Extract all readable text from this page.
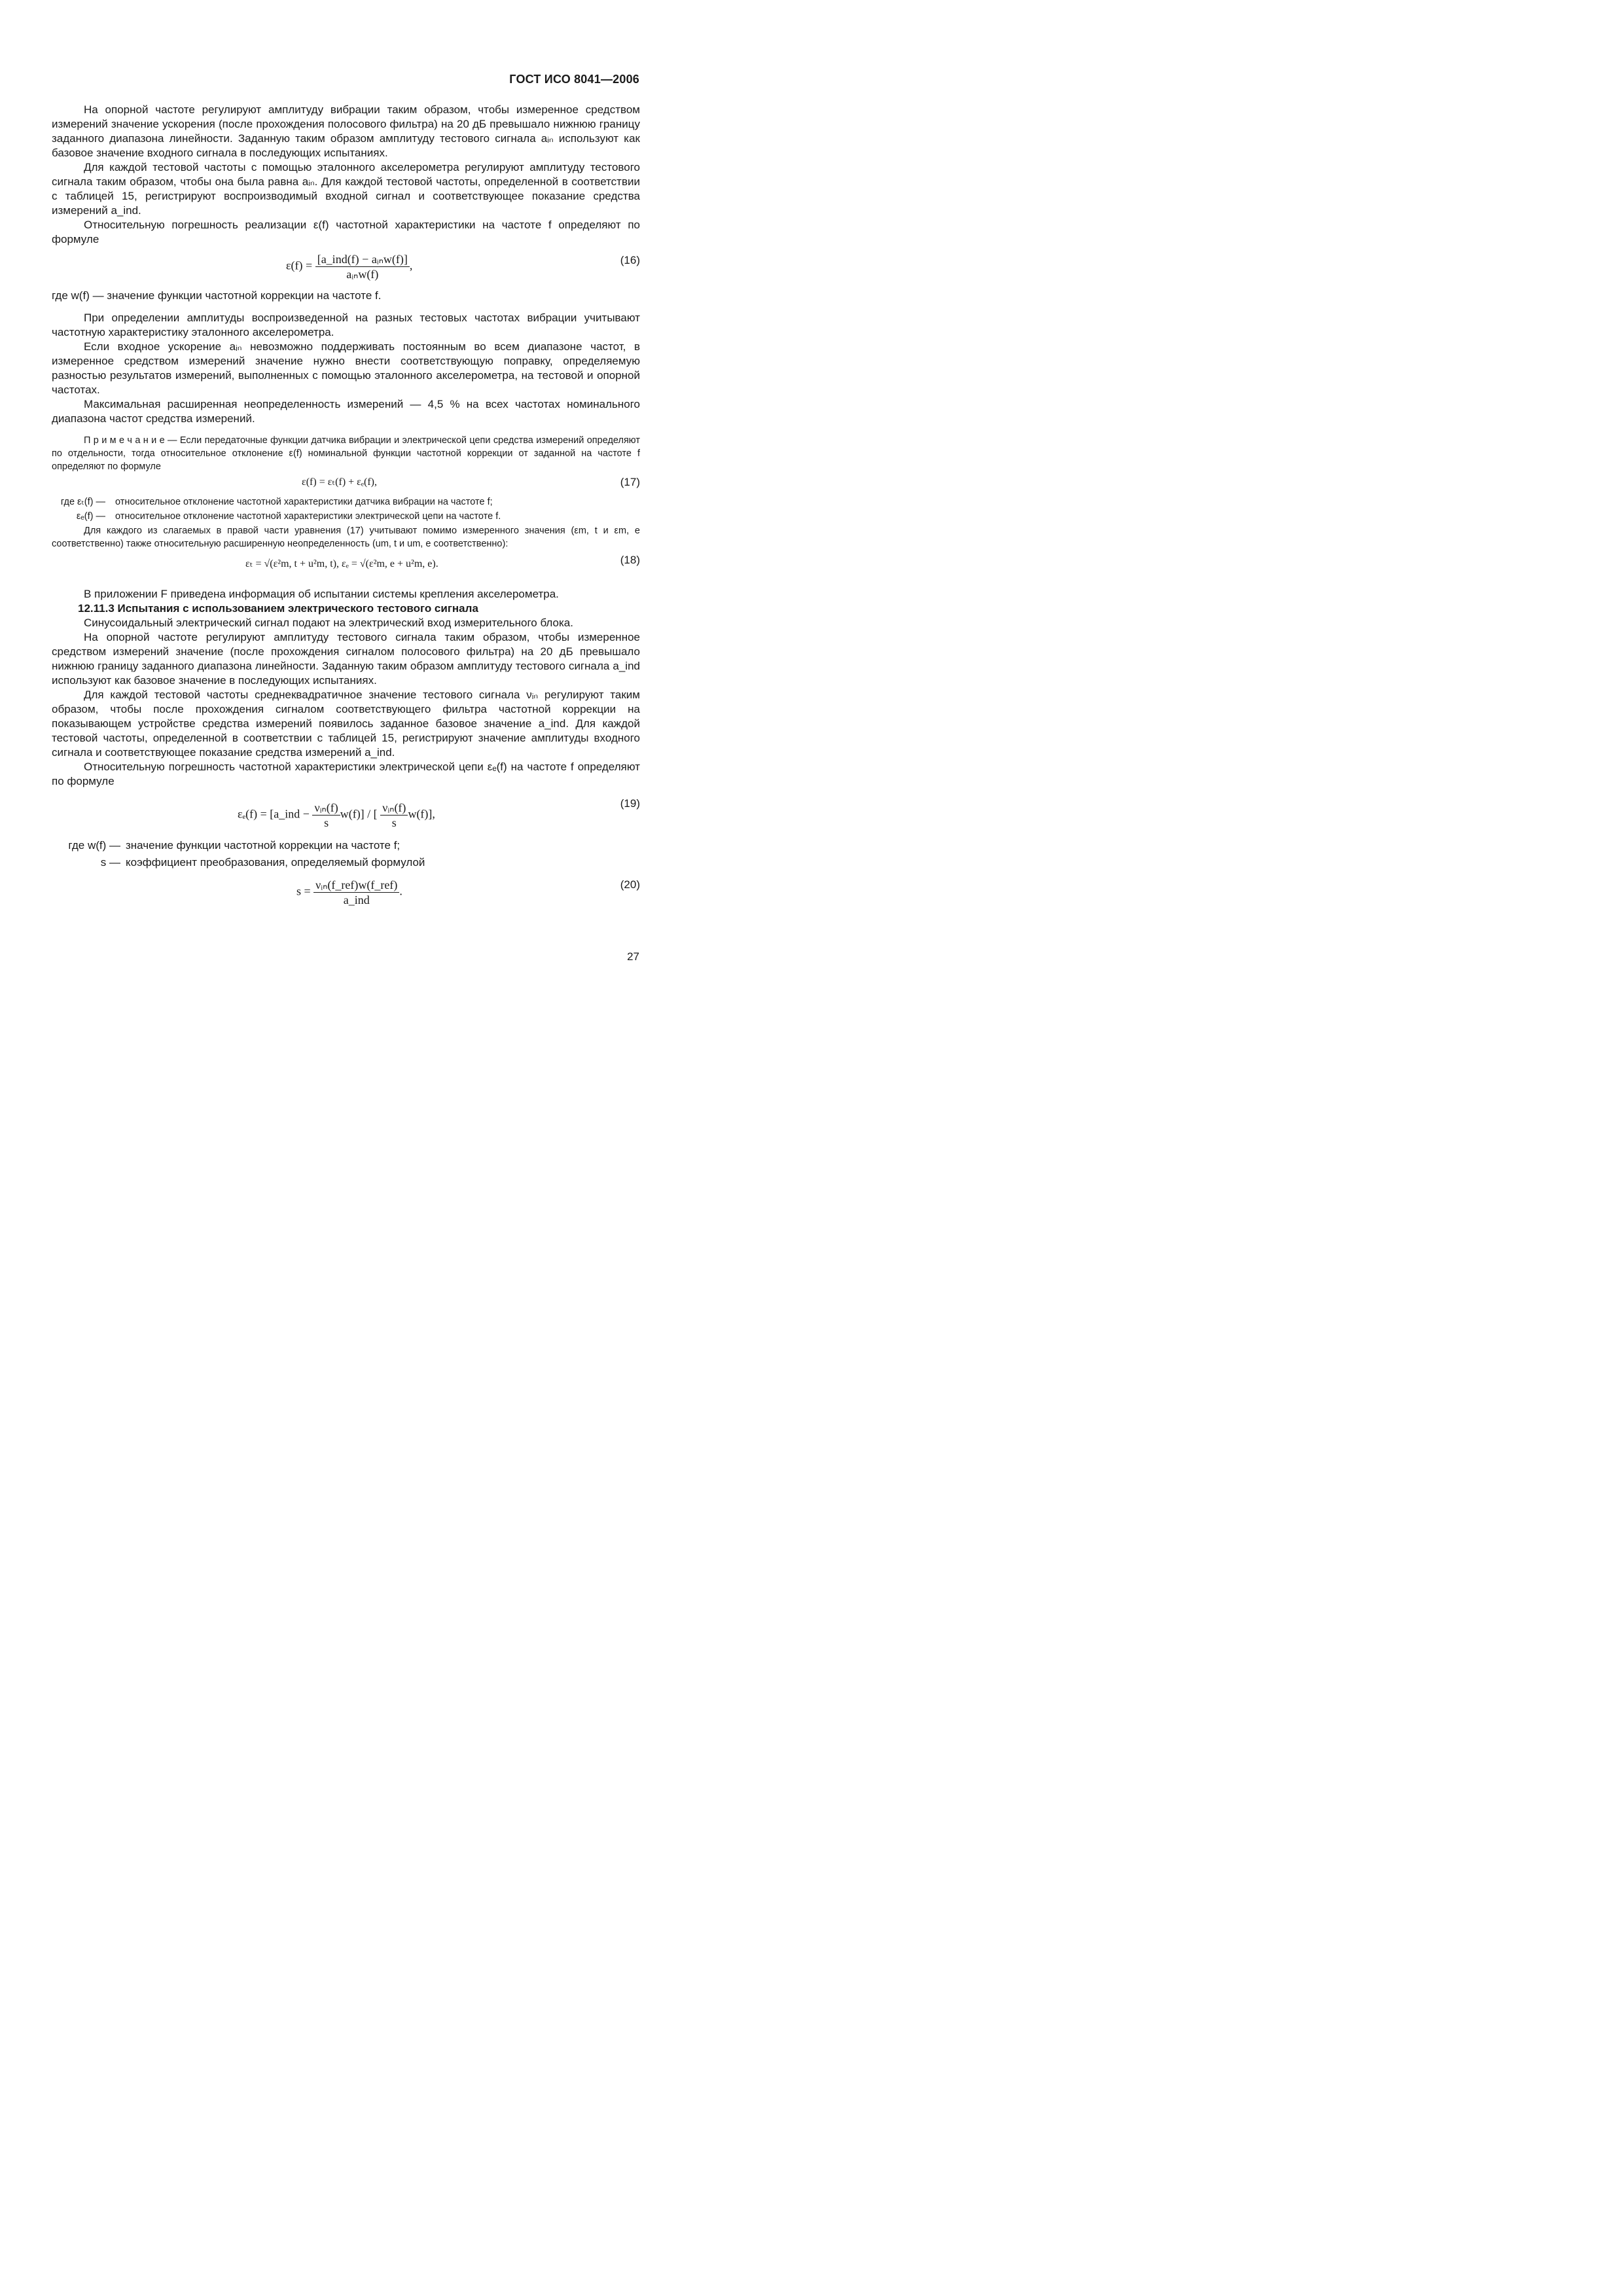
ГОСТ ИСО 8041—2006

На опорной частоте регулируют амплитуду вибрации таким образом, чтобы измеренное средством измерений значение ускорения (после прохождения полосового фильтра) на 20 дБ превышало нижнюю границу заданного диапазона линейности. Заданную таким образом амплитуду тестового сигнала aᵢₙ используют как базовое значение входного сигнала в последующих испытаниях.

Для каждой тестовой частоты с помощью эталонного акселерометра регулируют амплитуду тестового сигнала таким образом, чтобы она была равна aᵢₙ. Для каждой тестовой частоты, определенной в соответствии с таблицей 15, регистрируют воспроизводимый входной сигнал и соответствующее показание средства измерений a_ind.

Относительную погрешность реализации ε(f) частотной характеристики на частоте f определяют по формуле

$\varepsilon(f) = \frac{\text{[a\_ind(f) − aᵢₙw(f)]}}{\text{aᵢₙw(f)}}$ ,	(16)

где w(f) — значение функции частотной коррекции на частоте f.

При определении амплитуды воспроизведенной на разных тестовых частотах вибрации учитывают частотную характеристику эталонного акселерометра.

Если входное ускорение aᵢₙ невозможно поддерживать постоянным во всем диапазоне частот, в измеренное средством измерений значение нужно внести соответствующую поправку, определяемую разностью результатов измерений, выполненных с помощью эталонного акселерометра, на тестовой и опорной частотах.

Максимальная расширенная неопределенность измерений — 4,5 % на всех частотах номинального диапазона частот средства измерений.

П р и м е ч а н и е — Если передаточные функции датчика вибрации и электрической цепи средства измерений определяют по отдельности, тогда относительное отклонение ε(f) номинальной функции частотной коррекции от заданной на частоте f определяют по формуле

ε(f) = εₜ(f) + εₑ(f),	(17)
где εₜ(f) — относительное отклонение частотной характеристики датчика вибрации на частоте f;
εₑ(f) — относительное отклонение частотной характеристики электрической цепи на частоте f.

Для каждого из слагаемых в правой части уравнения (17) учитывают помимо измеренного значения (εm, t и εm, e соответственно) также относительную расширенную неопределенность (um, t и um, e соответственно):

εₜ = √(ε²m, t + u²m, t), εₑ = √(ε²m, e + u²m, e).	(18)

В приложении F приведена информация об испытании системы крепления акселерометра.

12.11.3 Испытания с использованием электрического тестового сигнала

Синусоидальный электрический сигнал подают на электрический вход измерительного блока.

На опорной частоте регулируют амплитуду тестового сигнала таким образом, чтобы измеренное средством измерений значение (после прохождения сигналом полосового фильтра) на 20 дБ превышало нижнюю границу заданного диапазона линейности. Заданную таким образом амплитуду тестового сигнала a_ind используют как базовое значение в последующих испытаниях.

Для каждой тестовой частоты среднеквадратичное значение тестового сигнала νᵢₙ регулируют таким образом, чтобы после прохождения сигналом соответствующего фильтра частотной коррекции на показывающем устройстве средства измерений появилось заданное базовое значение a_ind. Для каждой тестовой частоты, определенной в соответствии с таблицей 15, регистрируют значение амплитуды входного сигнала и соответствующее показание средства измерений a_ind.

Относительную погрешность частотной характеристики электрической цепи εₑ(f) на частоте f определяют по формуле

εₑ(f) = [a_ind − $\frac{\text{νᵢₙ(f)}}{s} w(f)$] / [ $\frac{\text{νᵢₙ(f)}}{s} w(f)$],
(19)
где w(f) — значение функции частотной коррекции на частоте f;
s — коэффициент преобразования, определяемый формулой
$s = \frac{\text{νᵢₙ(f\_ref)w(f\_ref)}}{\text{a\_ind}}$ .
(20)
27
